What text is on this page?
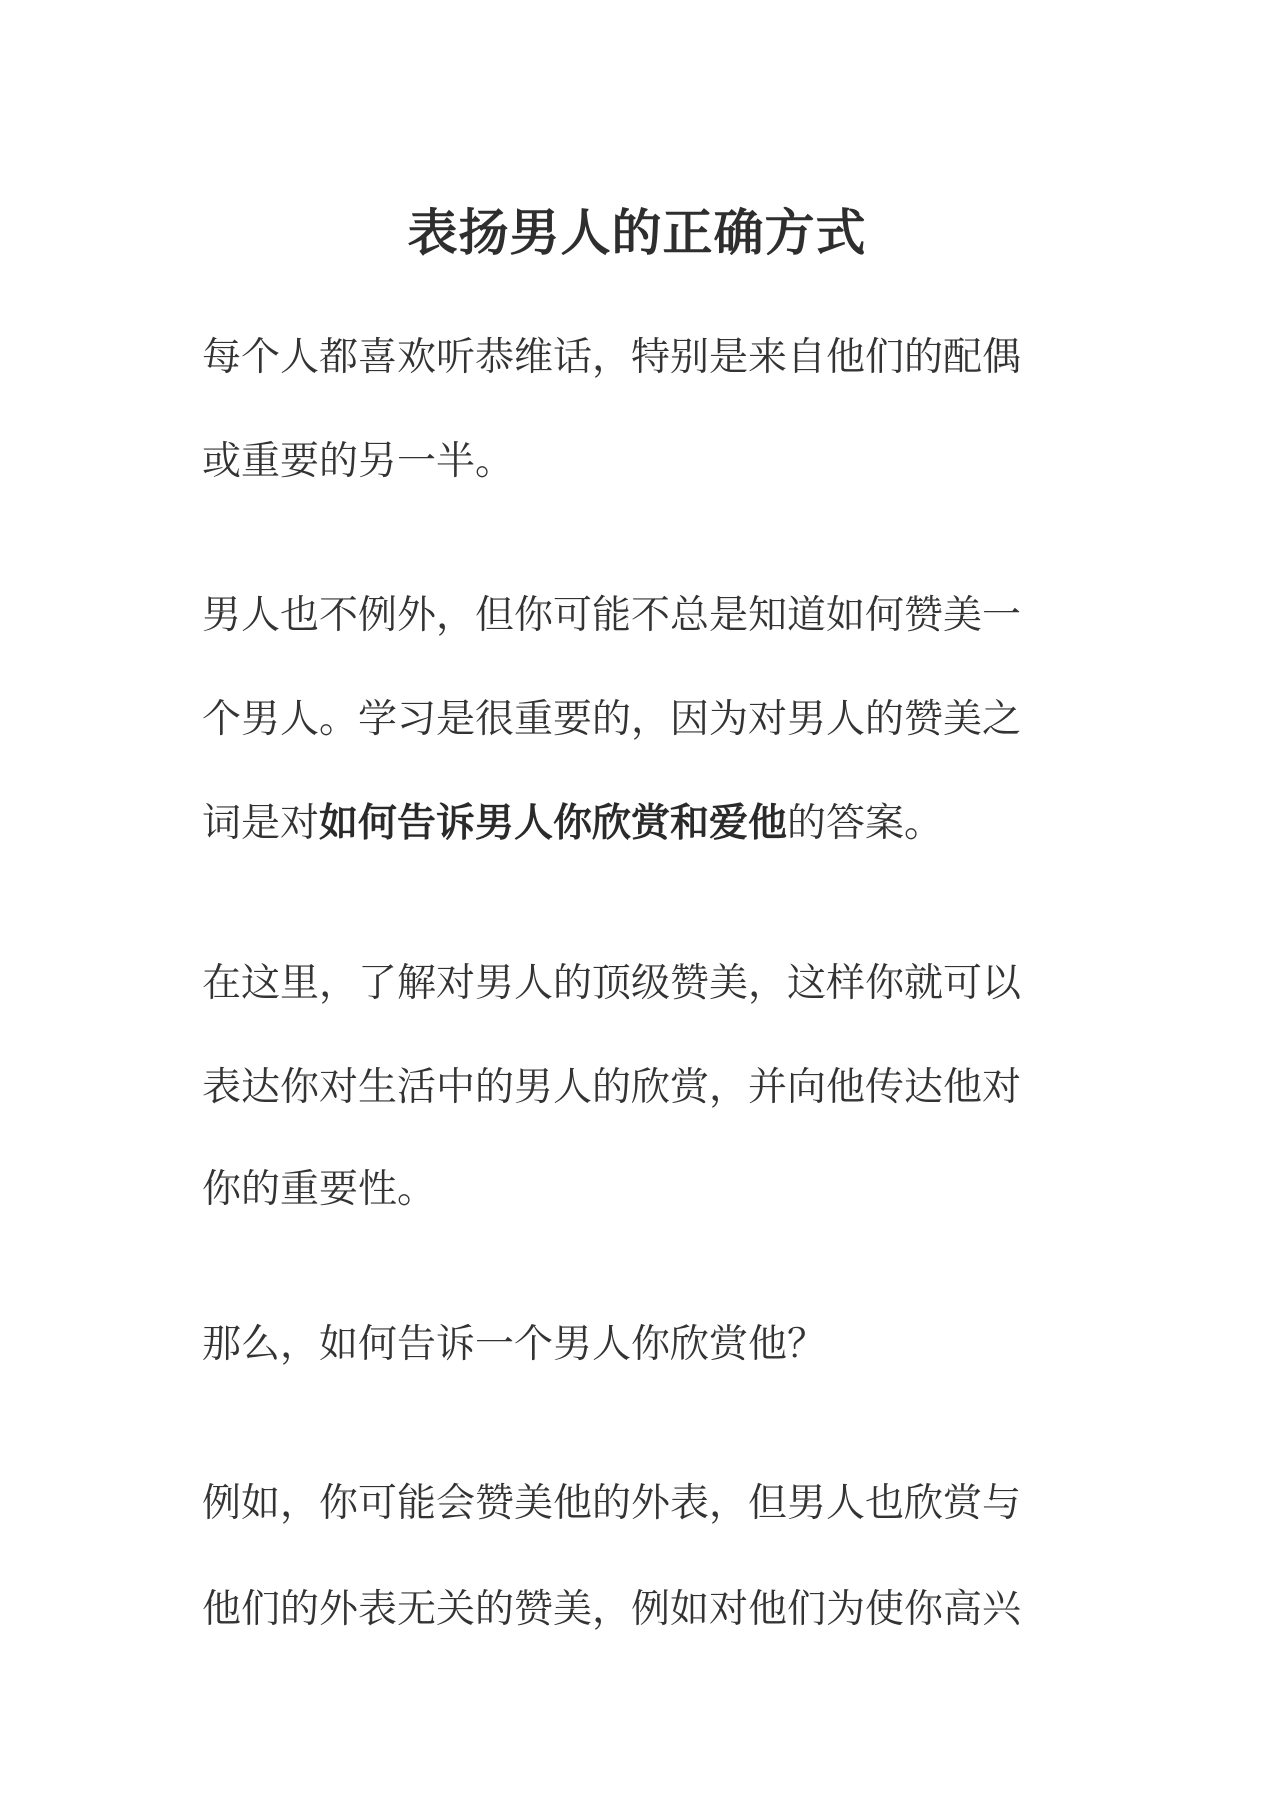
表扬男人的正确方式
每个人都喜欢听恭维话，特别是来自他们的配偶
或重要的另一半。
男人也不例外，但你可能不总是知道如何赞美一
个男人。学习是很重要的，因为对男人的赞美之
词是对如何告诉男人你欣赏和爱他的答案。
在这里，了解对男人的顶级赞美，这样你就可以
表达你对生活中的男人的欣赏，并向他传达他对
你的重要性。
那么，如何告诉一个男人你欣赏他？
例如，你可能会赞美他的外表，但男人也欣赏与
他们的外表无关的赞美，例如对他们为使你高兴
